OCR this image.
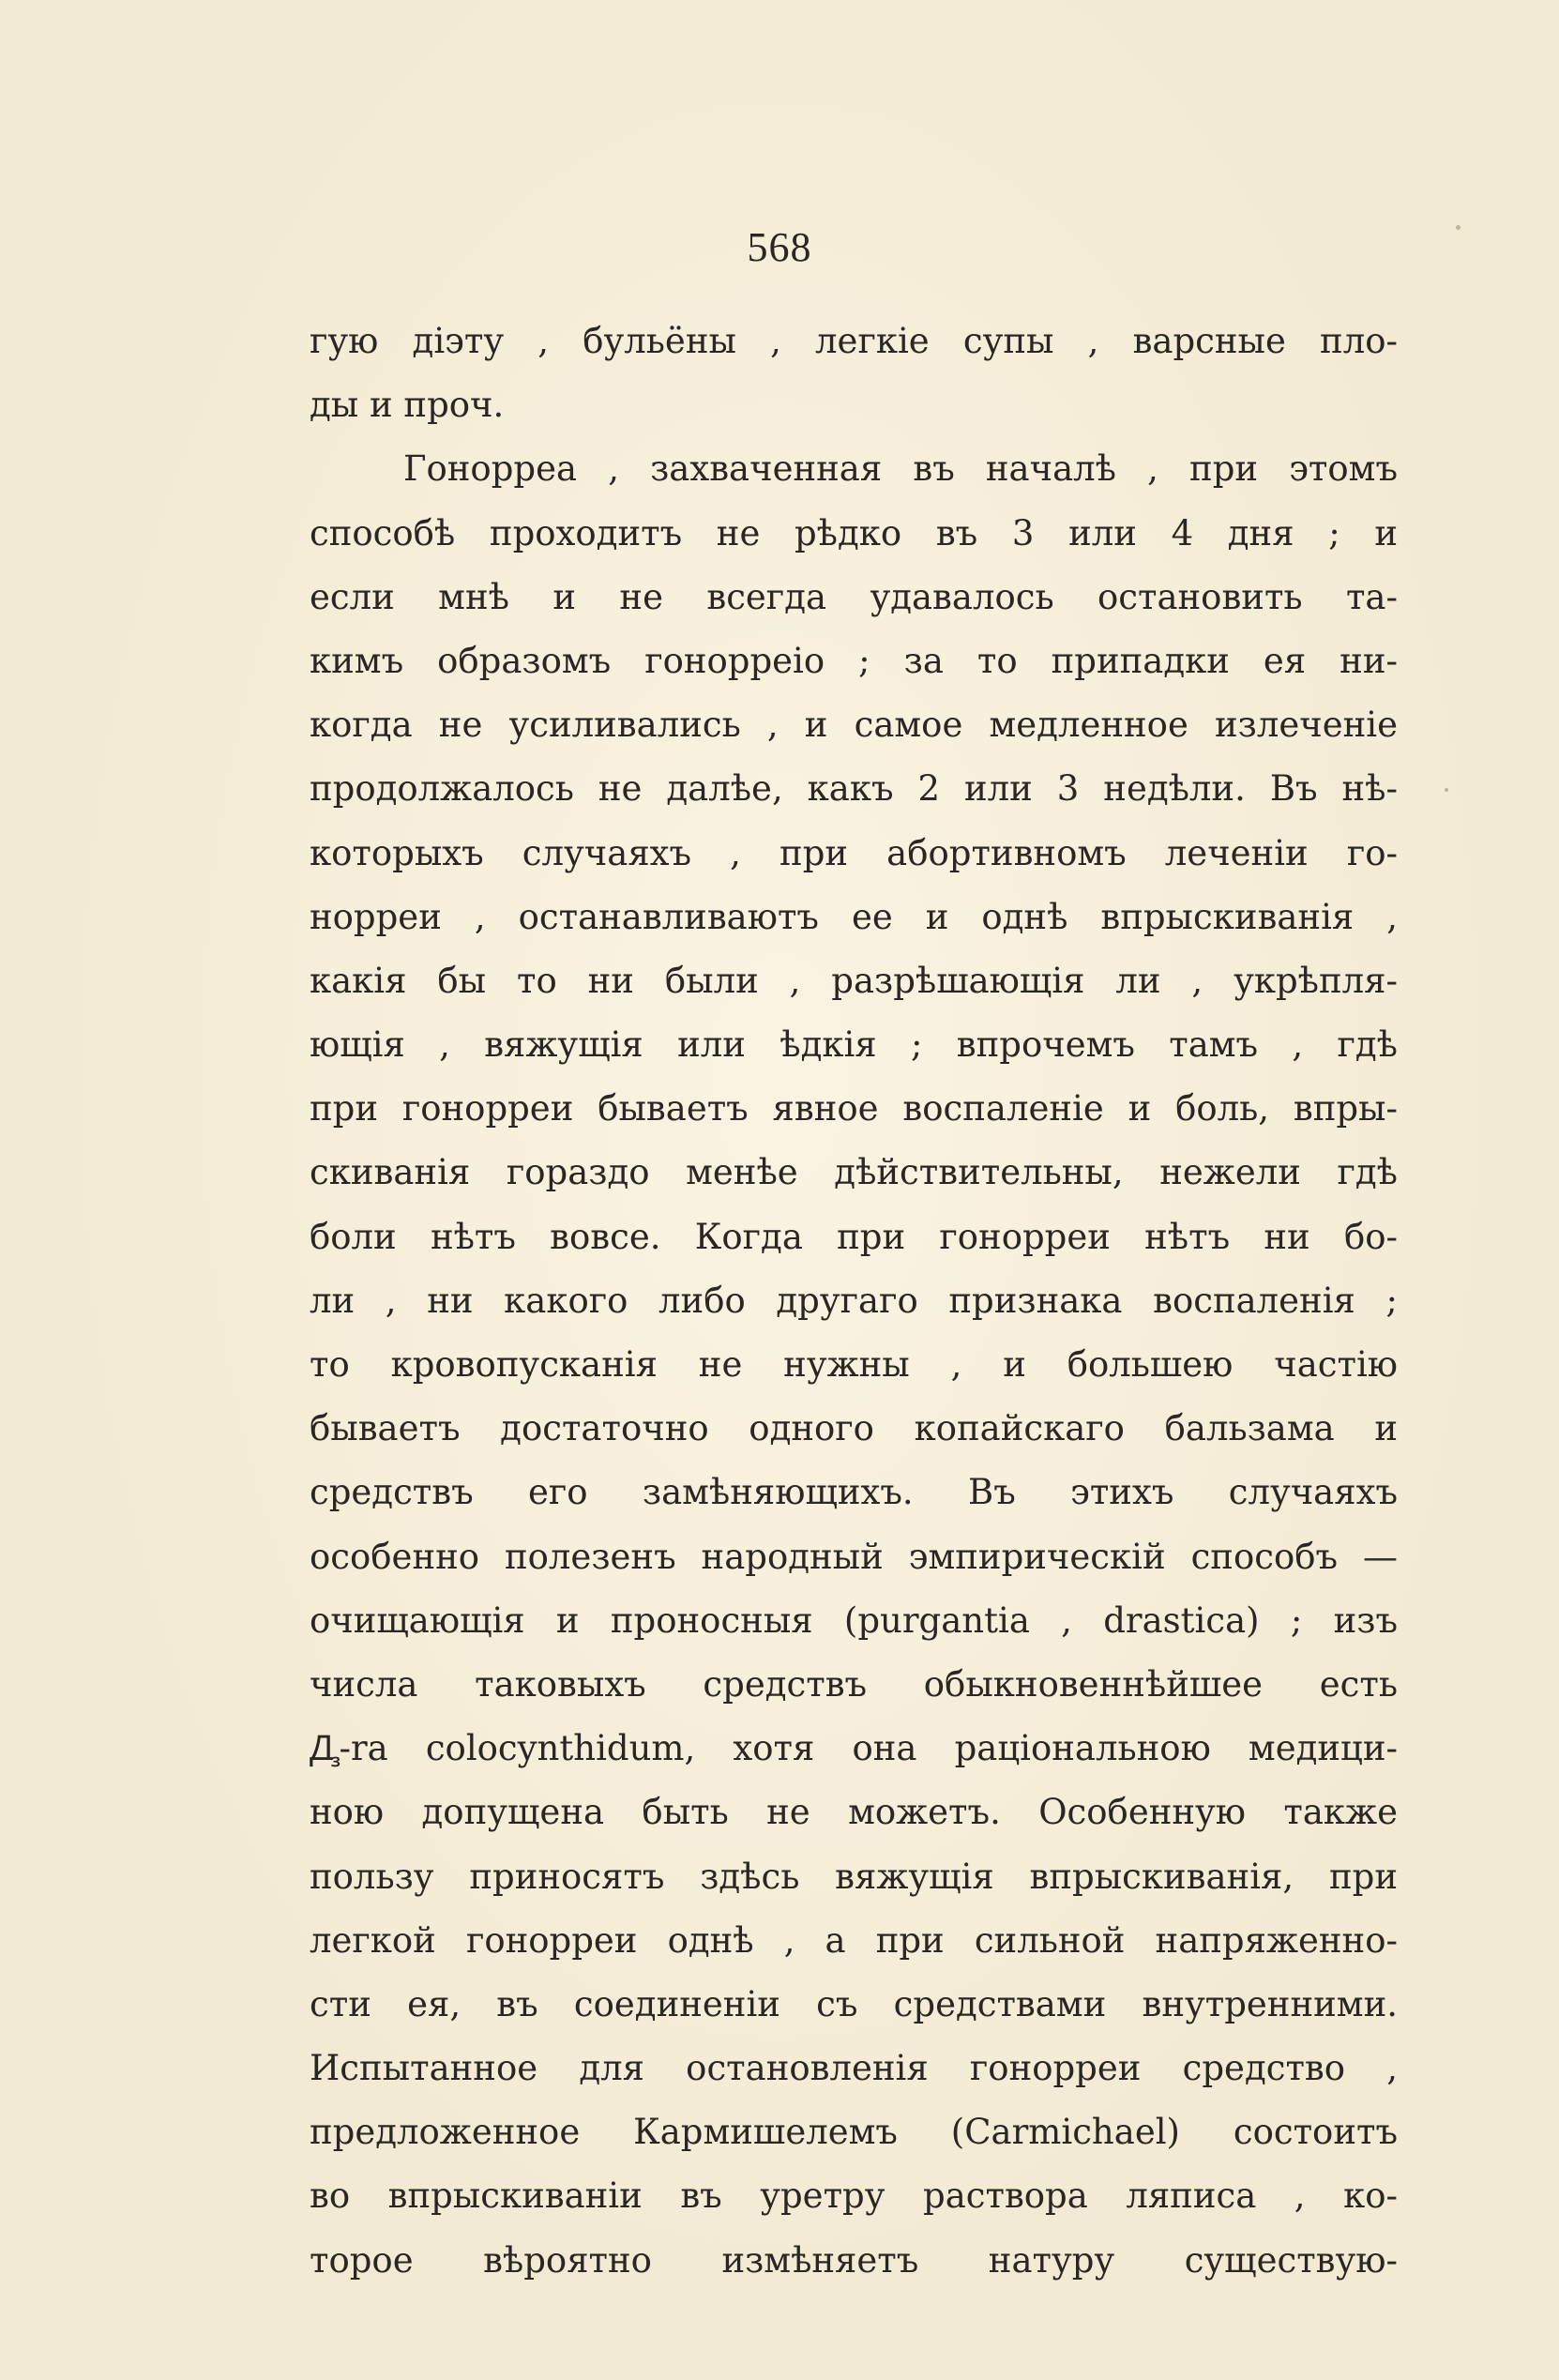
568
гую діэту , бульёны , легкіе супы , варсные пло-
ды и проч.
Гонорреа , захваченная въ началѣ , при этомъ
способѣ проходитъ не рѣдко въ 3 или 4 дня ; и
если мнѣ и не всегда удавалось остановить та-
кимъ образомъ гонорреіо ; за то припадки ея ни-
когда не усиливались , и самое медленное излеченіе
продолжалось не далѣе, какъ 2 или 3 недѣли. Въ нѣ-
которыхъ случаяхъ , при абортивномъ леченіи го-
норреи , останавливаютъ ее и однѣ впрыскиванія ,
какія бы то ни были , разрѣшающія ли , укрѣпля-
ющія , вяжущія или ѣдкія ; впрочемъ тамъ , гдѣ
при гонорреи бываетъ явное воспаленіе и боль, впры-
скиванія гораздо менѣе дѣйствительны, нежели гдѣ
боли нѣтъ вовсе. Когда при гонорреи нѣтъ ни бо-
ли , ни какого либо другаго признака воспаленія ;
то кровопусканія не нужны , и большею частію
бываетъ достаточно одного копайскаго бальзама и
средствъ его замѣняющихъ. Въ этихъ случаяхъ
особенно полезенъ народный эмпирическій способъ —
очищающія и проносныя (purgantia , drastica) ; изъ
числа таковыхъ средствъ обыкновеннѣйшее есть
Ꚉ-ra colocynthidum, хотя она раціональною медици-
ною допущена быть не можетъ. Особенную также
пользу приносятъ здѣсь вяжущія впрыскиванія, при
легкой гонорреи однѣ , а при сильной напряженно-
сти ея, въ соединеніи съ средствами внутренними.
Испытанное для остановленія гонорреи средство ,
предложенное Кармишелемъ (Carmichael) состоитъ
во впрыскиваніи въ уретру раствора ляписа , ко-
торое вѣроятно измѣняетъ натуру существую-
